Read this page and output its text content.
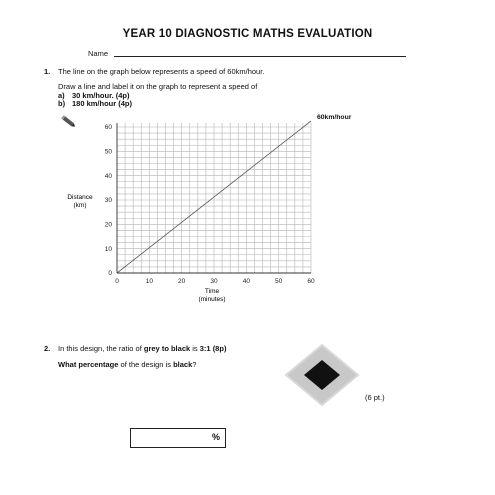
YEAR 10 DIAGNOSTIC MATHS EVALUATION
Name
1. The line on the graph below represents a speed of 60km/hour.
Draw a line and label it on the graph to represent a speed of
a) 30 km/hour. (4p)
b) 180 km/hour (4p)
0	10	20	30	40	50	60
0
10
20
30
40
50
60
60km/hour
Distance
(km)
Time
(minutes)
2. In this design, the ratio of grey to black is 3:1 (8p)
What percentage of the design is black?
(6 pt.)
%
